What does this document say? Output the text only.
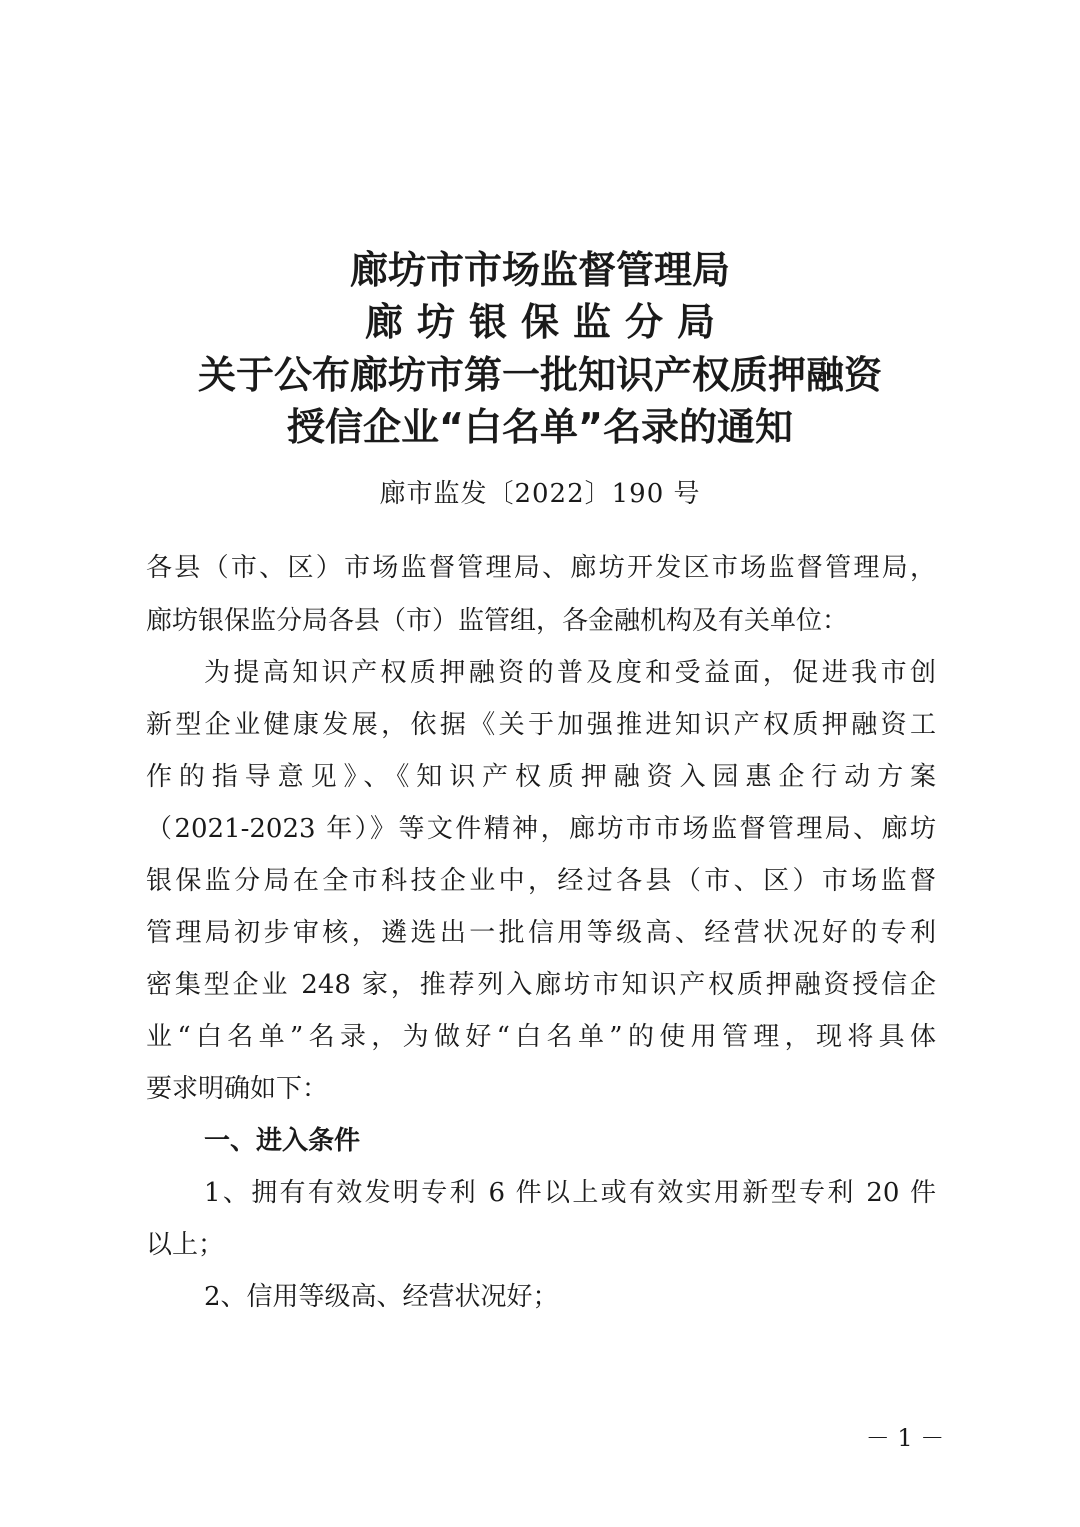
廊坊市市场监督管理局
廊坊银保监分局
关于公布廊坊市第一批知识产权质押融资
授信企业“白名单”名录的通知
廊市监发〔2022〕190 号
各县（市、区）市场监督管理局、廊坊开发区市场监督管理局，
廊坊银保监分局各县（市）监管组，各金融机构及有关单位：
为提高知识产权质押融资的普及度和受益面，促进我市创
新型企业健康发展，依据《关于加强推进知识产权质押融资工
作的指导意见》、《知识产权质押融资入园惠企行动方案
（2021-2023 年）》等文件精神，廊坊市市场监督管理局、廊坊
银保监分局在全市科技企业中，经过各县（市、区）市场监督
管理局初步审核，遴选出一批信用等级高、经营状况好的专利
密集型企业 248 家，推荐列入廊坊市知识产权质押融资授信企
业“白名单”名录，为做好“白名单”的使用管理，现将具体
要求明确如下：
一、进入条件
1、拥有有效发明专利 6 件以上或有效实用新型专利 20 件
以上；
2、信用等级高、经营状况好；
－ 1 －
